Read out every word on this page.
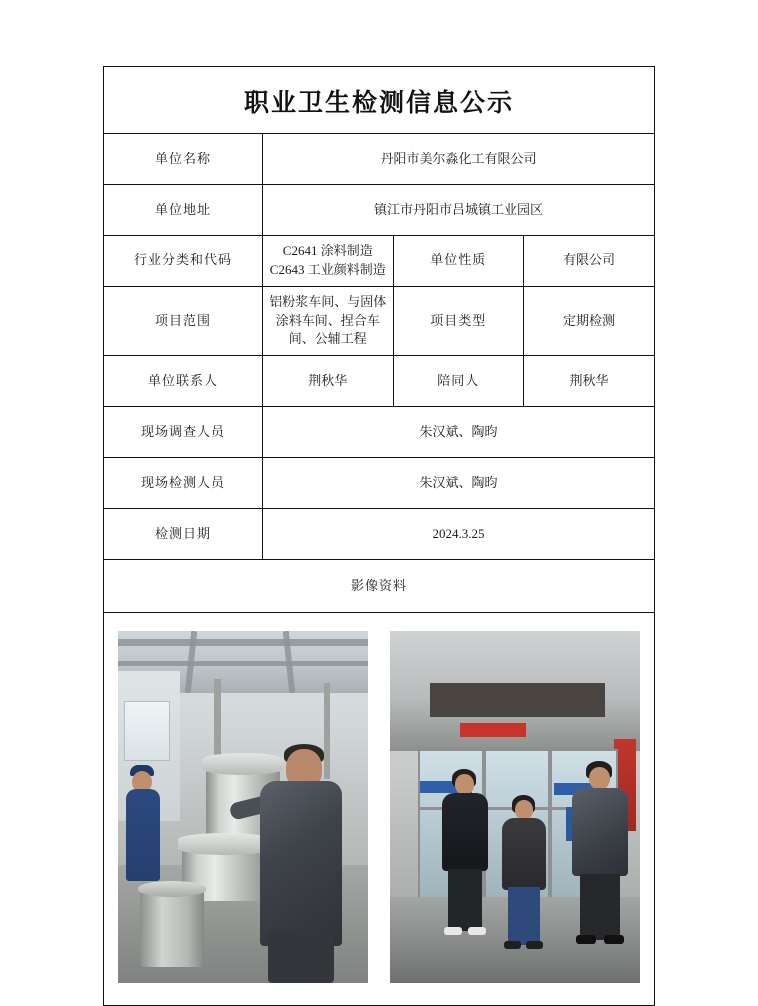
职业卫生检测信息公示
单位名称	丹阳市美尔淼化工有限公司		
单位地址	镇江市丹阳市吕城镇工业园区		
行业分类和代码	C2641 涂料制造 C2643 工业颜料制造	单位性质	有限公司
项目范围	铝粉浆车间、与固体涂料车间、捏合车间、公辅工程	项目类型	定期检测
单位联系人	荆秋华	陪同人	荆秋华
现场调查人员	朱汉斌、陶昀		
现场检测人员	朱汉斌、陶昀		
检测日期	2024.3.25		
影像资料			
